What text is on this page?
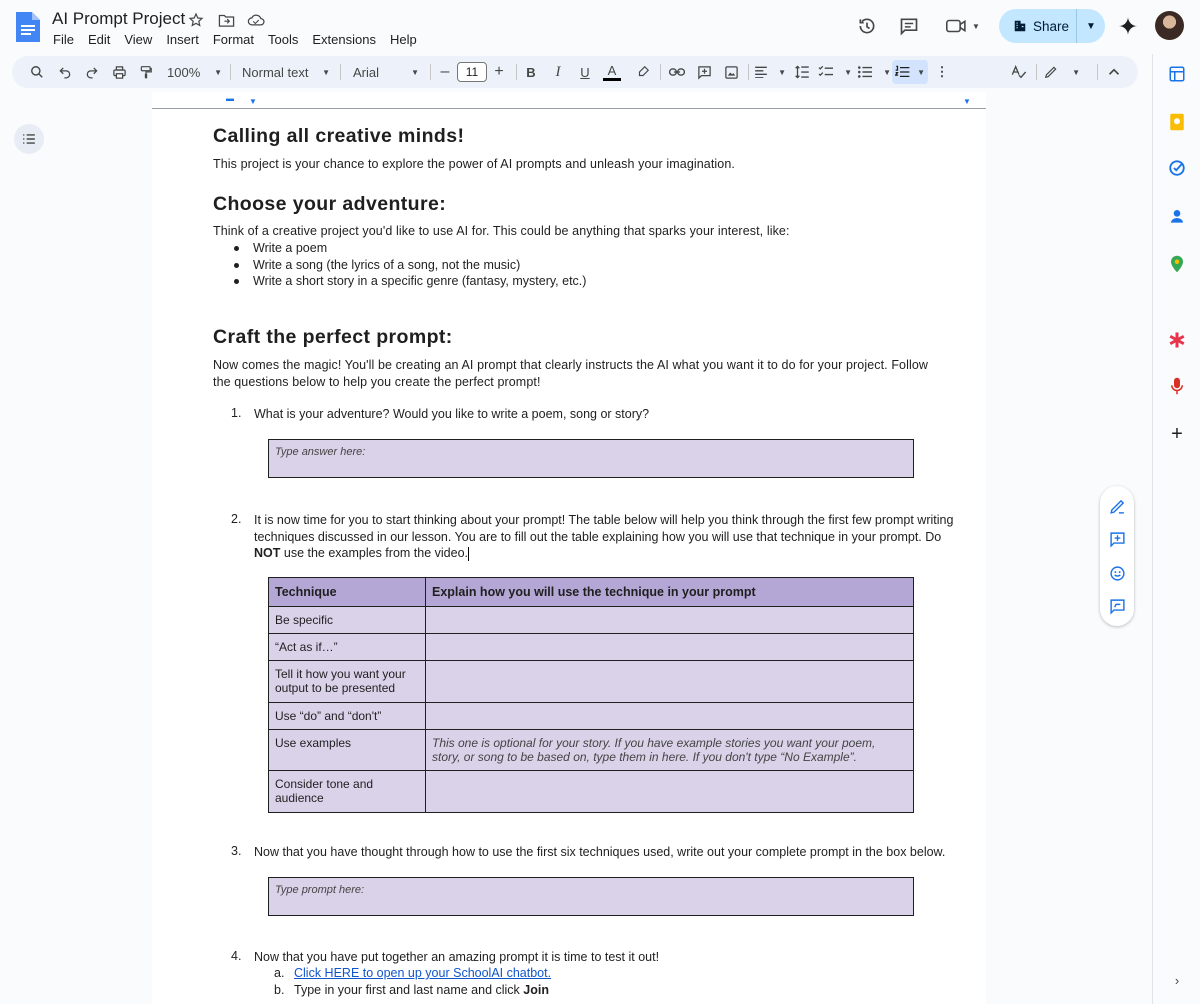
AI Prompt Project
File	Edit	View	Insert	Format	Tools	Extensions	Help
▼	Share	▼
100% ▼ Normal text ▼ Arial	▼ –	11	+	B	I	U	A	▼	▼	▼	▼ ⋮	▼
▬ ▼	▼
Calling all creative minds!
This project is your chance to explore the power of AI prompts and unleash your imagination.
Choose your adventure:
Think of a creative project you'd like to use AI for. This could be anything that sparks your interest, like:
Write a poem
Write a song (the lyrics of a song, not the music)
Write a short story in a specific genre (fantasy, mystery, etc.)
Craft the perfect prompt:
Now comes the magic! You'll be creating an AI prompt that clearly instructs the AI what you want it to do for your project. Follow the questions below to help you create the perfect prompt!
1. What is your adventure? Would you like to write a poem, song or story?
Type answer here:
2. It is now time for you to start thinking about your prompt! The table below will help you think through the first few prompt writing techniques discussed in our lesson. You are to fill out the table explaining how you will use that technique in your prompt. Do NOT use the examples from the video.
Technique	Explain how you will use the technique in your prompt
Be specific	
“Act as if…”	
Tell it how you want your output to be presented	
Use “do” and “don't”	
Use examples	This one is optional for your story. If you have example stories you want your poem, story, or song to be based on, type them in here. If you don't type “No Example”.
Consider tone and audience	
3. Now that you have thought through how to use the first six techniques used, write out your complete prompt in the box below.
Type prompt here:
4. Now that you have put together an amazing prompt it is time to test it out!
a. Click HERE to open up your SchoolAI chatbot.
b. Type in your first and last name and click Join
+
›
